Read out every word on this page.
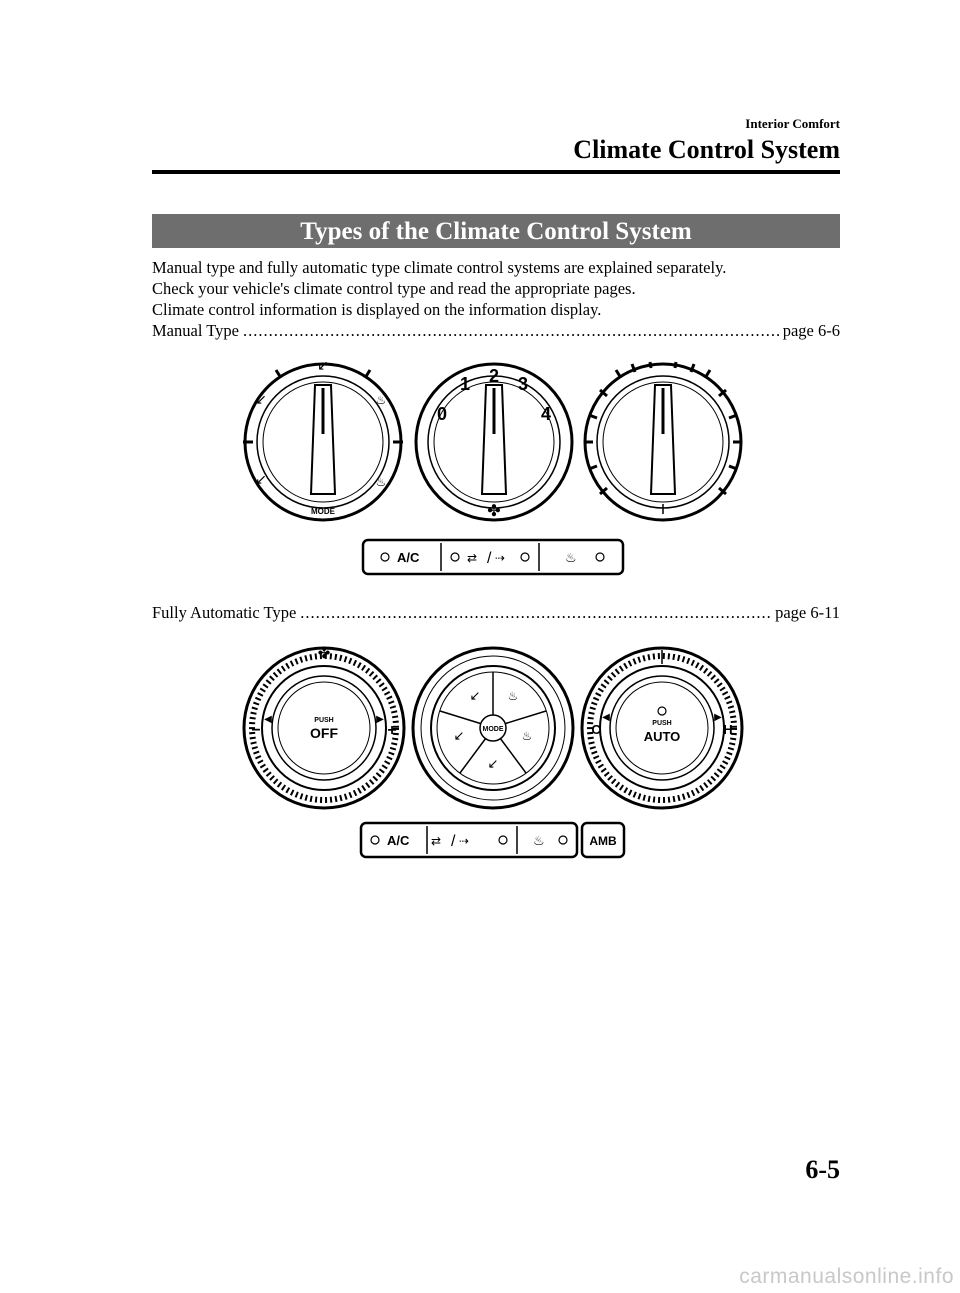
Interior Comfort
Climate Control System
Types of the Climate Control System
Manual type and fully automatic type climate control systems are explained separately.
Check your vehicle's climate control type and read the appropriate pages.
Climate control information is displayed on the information display.
Manual Type .....	page 6-6
↙
↙
↙
♨
♨
MODE
0
1 2 3
4
✤
A/C	⇄ / ⇢	♨
Fully Automatic Type .....	page 6-11
✤
−	+
◀	▶
PUSH
OFF	MODE
↙ ♨
↙	♨
↙
C	H
◀	▶
PUSH
AUTO
A/C ⇄ / ⇢	♨	AMB
6-5
carmanualsonline.info
